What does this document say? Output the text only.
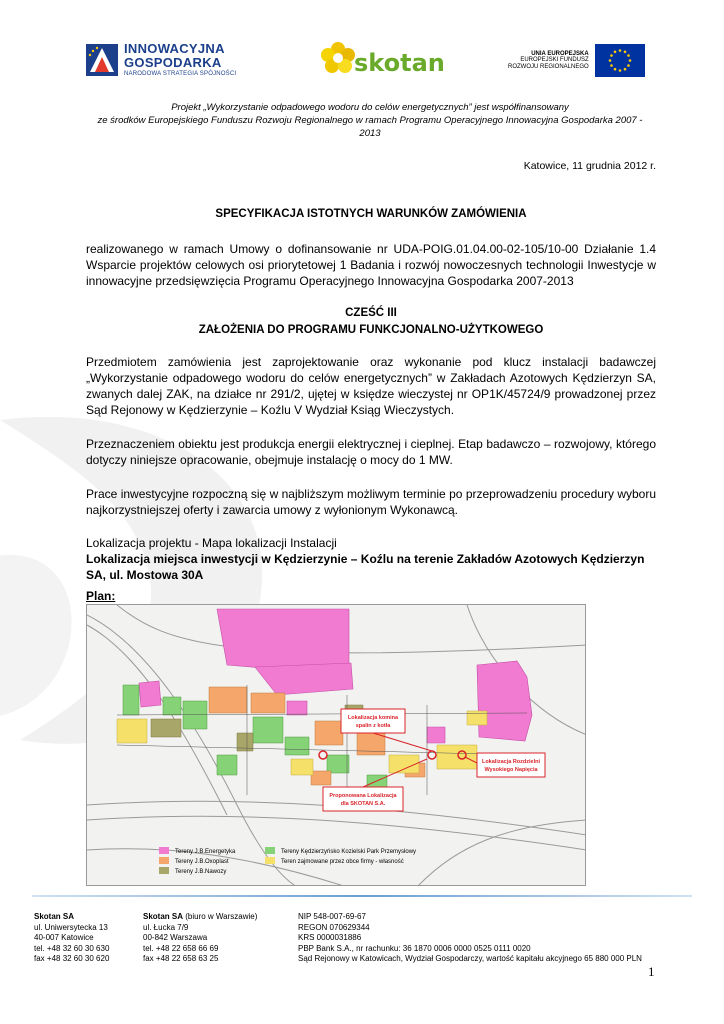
INNOWACYJNA
GOSPODARKA
NARODOWA STRATEGIA SPÓJNOŚCI	skotan	UNIA EUROPEJSKA
EUROPEJSKI FUNDUSZ
ROZWOJU REGIONALNEGO
Projekt „Wykorzystanie odpadowego wodoru do celów energetycznych” jest współfinansowany
ze środków Europejskiego Funduszu Rozwoju Regionalnego w ramach Programu Operacyjnego Innowacyjna Gospodarka 2007 - 2013
Katowice, 11 grudnia 2012 r.
SPECYFIKACJA ISTOTNYCH WARUNKÓW ZAMÓWIENIA
realizowanego w ramach Umowy o dofinansowanie nr UDA-POIG.01.04.00-02-105/10-00 Działanie 1.4 Wsparcie projektów celowych osi priorytetowej 1 Badania i rozwój nowoczesnych technologii Inwestycje w innowacyjne przedsięwzięcia Programu Operacyjnego Innowacyjna Gospodarka 2007-2013
CZEŚĆ III
ZAŁOŻENIA DO PROGRAMU FUNKCJONALNO-UŻYTKOWEGO
Przedmiotem zamówienia jest zaprojektowanie oraz wykonanie pod klucz instalacji badawczej „Wykorzystanie odpadowego wodoru do celów energetycznych” w Zakładach Azotowych Kędzierzyn SA, zwanych dalej ZAK, na działce nr 291/2, ujętej w księdze wieczystej nr OP1K/45724/9 prowadzonej przez Sąd Rejonowy w Kędzierzynie – Koźlu V Wydział Ksiąg Wieczystych.
Przeznaczeniem obiektu jest produkcja energii elektrycznej i cieplnej. Etap badawczo – rozwojowy, którego dotyczy niniejsze opracowanie, obejmuje instalację o mocy do 1 MW.
Prace inwestycyjne rozpoczną się w najbliższym możliwym terminie po przeprowadzeniu procedury wyboru najkorzystniejszej oferty i zawarcia umowy z wyłonionym Wykonawcą.
Lokalizacja projektu - Mapa lokalizacji Instalacji
Lokalizacja miejsca inwestycji w Kędzierzynie – Koźlu na terenie Zakładów Azotowych Kędzierzyn SA, ul. Mostowa 30A
Plan:
Lokalizacja komina
spalin z kotła
Lokalizacja Rozdzielni
Wysokiego Napięcia
Proponowana Lokalizacja
dla SKOTAN S.A.
Tereny J.B.Energetyka
Tereny J.B.Oxoplast
Tereny J.B.Nawozy
Tereny Kędzierzyńsko Kozielski Park Przemysłowy
Teren zajmowane przez obce firmy - własność
Skotan SA
ul. Uniwersytecka 13
40-007 Katowice
tel. +48 32 60 30 630
fax +48 32 60 30 620
Skotan SA (biuro w Warszawie)
ul. Łucka 7/9
00-842 Warszawa
tel. +48 22 658 66 69
fax +48 22 658 63 25
NIP 548-007-69-67
REGON 070629344
KRS 0000031886
PBP Bank S.A., nr rachunku: 36 1870 0006 0000 0525 0111 0020
Sąd Rejonowy w Katowicach, Wydział Gospodarczy, wartość kapitału akcyjnego 65 880 000 PLN
1
